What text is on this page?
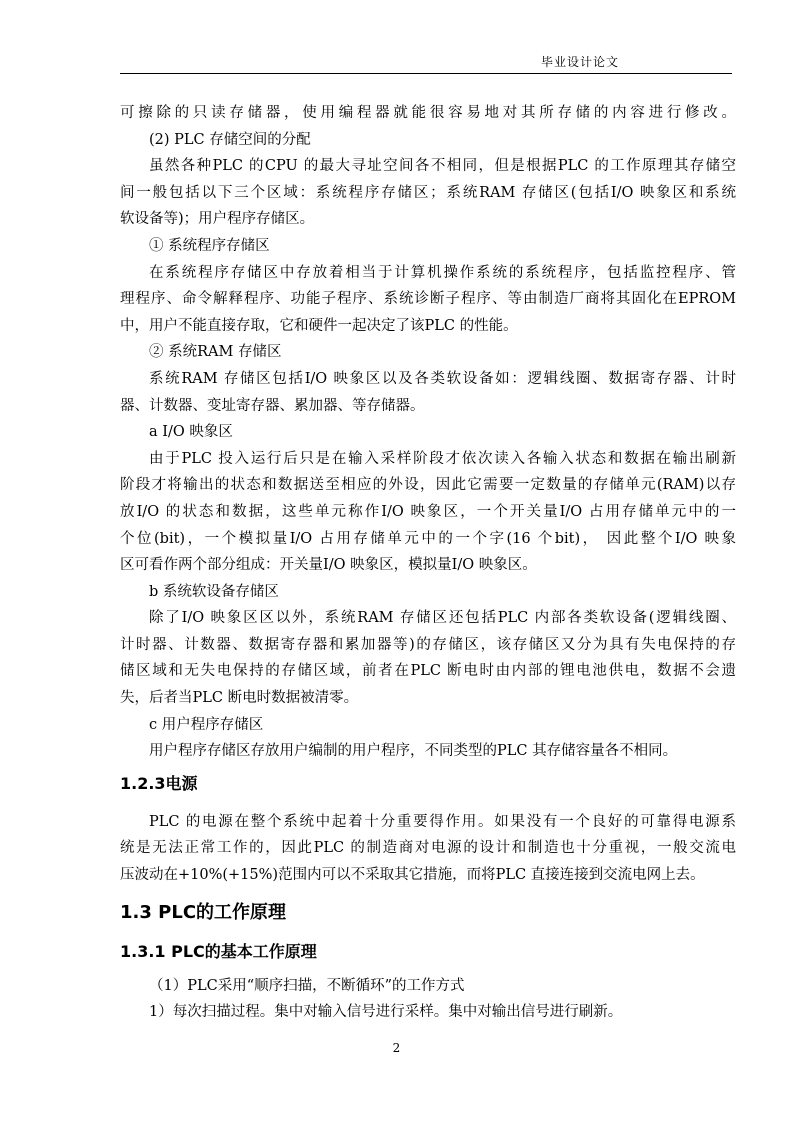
毕业设计论文
可擦除的只读存储器，使用编程器就能很容易地对其所存储的内容进行修改。
(2) PLC 存储空间的分配
虽然各种PLC 的CPU 的最大寻址空间各不相同，但是根据PLC 的工作原理其存储空
间一般包括以下三个区域：系统程序存储区；系统RAM 存储区(包括I/O 映象区和系统
软设备等)；用户程序存储区。
① 系统程序存储区
在系统程序存储区中存放着相当于计算机操作系统的系统程序，包括监控程序、管
理程序、命令解释程序、功能子程序、系统诊断子程序、等由制造厂商将其固化在EPROM
中，用户不能直接存取，它和硬件一起决定了该PLC 的性能。
② 系统RAM 存储区
系统RAM 存储区包括I/O 映象区以及各类软设备如：逻辑线圈、数据寄存器、计时
器、计数器、变址寄存器、累加器、等存储器。
a I/O 映象区
由于PLC 投入运行后只是在输入采样阶段才依次读入各输入状态和数据在输出刷新
阶段才将输出的状态和数据送至相应的外设，因此它需要一定数量的存储单元(RAM)以存
放I/O 的状态和数据，这些单元称作I/O 映象区，一个开关量I/O 占用存储单元中的一
个位(bit)，一个模拟量I/O 占用存储单元中的一个字(16 个bit)， 因此整个I/O 映象
区可看作两个部分组成：开关量I/O 映象区，模拟量I/O 映象区。
b 系统软设备存储区
除了I/O 映象区区以外，系统RAM 存储区还包括PLC 内部各类软设备(逻辑线圈、
计时器、计数器、数据寄存器和累加器等)的存储区，该存储区又分为具有失电保持的存
储区域和无失电保持的存储区域，前者在PLC 断电时由内部的锂电池供电，数据不会遗
失，后者当PLC 断电时数据被清零。
c 用户程序存储区
用户程序存储区存放用户编制的用户程序，不同类型的PLC 其存储容量各不相同。
1.2.3电源
PLC 的电源在整个系统中起着十分重要得作用。如果没有一个良好的可靠得电源系
统是无法正常工作的，因此PLC 的制造商对电源的设计和制造也十分重视，一般交流电
压波动在+10%(+15%)范围内可以不采取其它措施，而将PLC 直接连接到交流电网上去。
1.3 PLC的工作原理
1.3.1 PLC的基本工作原理
（1）PLC采用“顺序扫描，不断循环”的工作方式
1）每次扫描过程。集中对输入信号进行采样。集中对输出信号进行刷新。
2
